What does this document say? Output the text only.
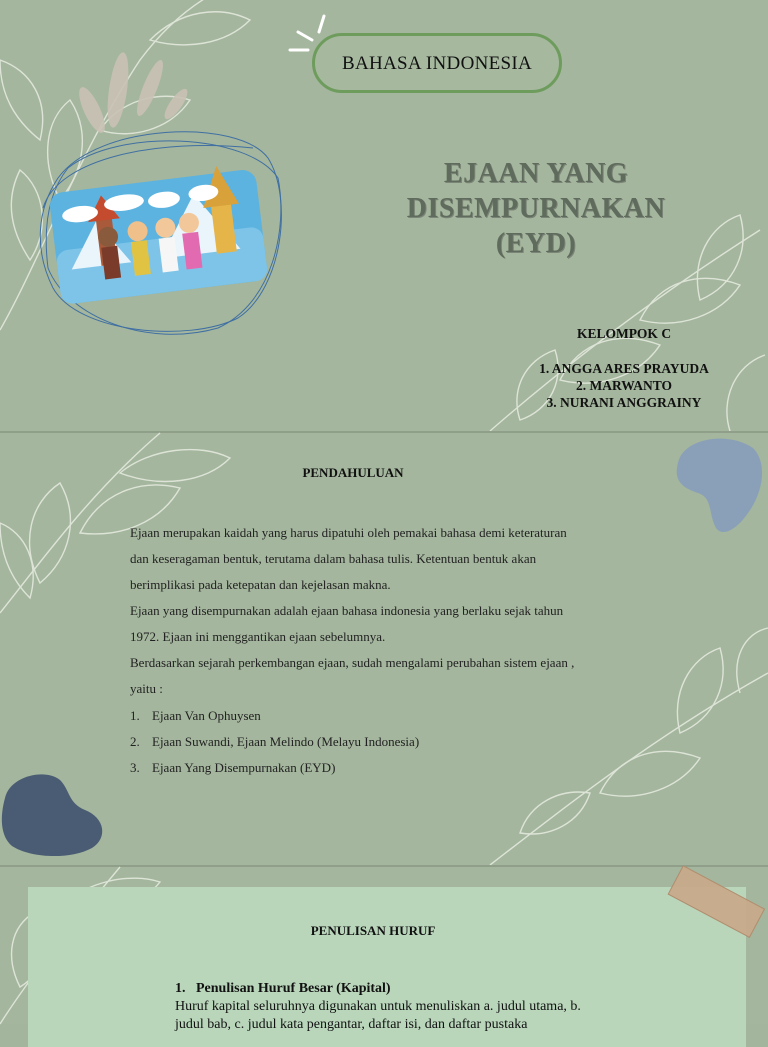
BAHASA INDONESIA
EJAAN YANG
DISEMPURNAKAN
(EYD)
KELOMPOK C
1. ANGGA ARES PRAYUDA
2. MARWANTO
3. NURANI ANGGRAINY
PENDAHULUAN
Ejaan merupakan kaidah yang harus dipatuhi oleh pemakai bahasa demi keteraturan
dan keseragaman bentuk, terutama dalam bahasa tulis. Ketentuan bentuk akan
berimplikasi pada ketepatan dan kejelasan makna.
Ejaan yang disempurnakan adalah ejaan bahasa indonesia yang berlaku sejak tahun
1972. Ejaan ini menggantikan ejaan sebelumnya.
Berdasarkan sejarah perkembangan ejaan, sudah mengalami perubahan sistem ejaan ,
yaitu :
1. Ejaan Van Ophuysen
2. Ejaan Suwandi, Ejaan Melindo (Melayu Indonesia)
3. Ejaan Yang Disempurnakan (EYD)
PENULISAN HURUF
1. Penulisan Huruf Besar (Kapital)
Huruf kapital seluruhnya digunakan untuk menuliskan a. judul utama, b.
judul bab, c. judul kata pengantar, daftar isi, dan daftar pustaka
